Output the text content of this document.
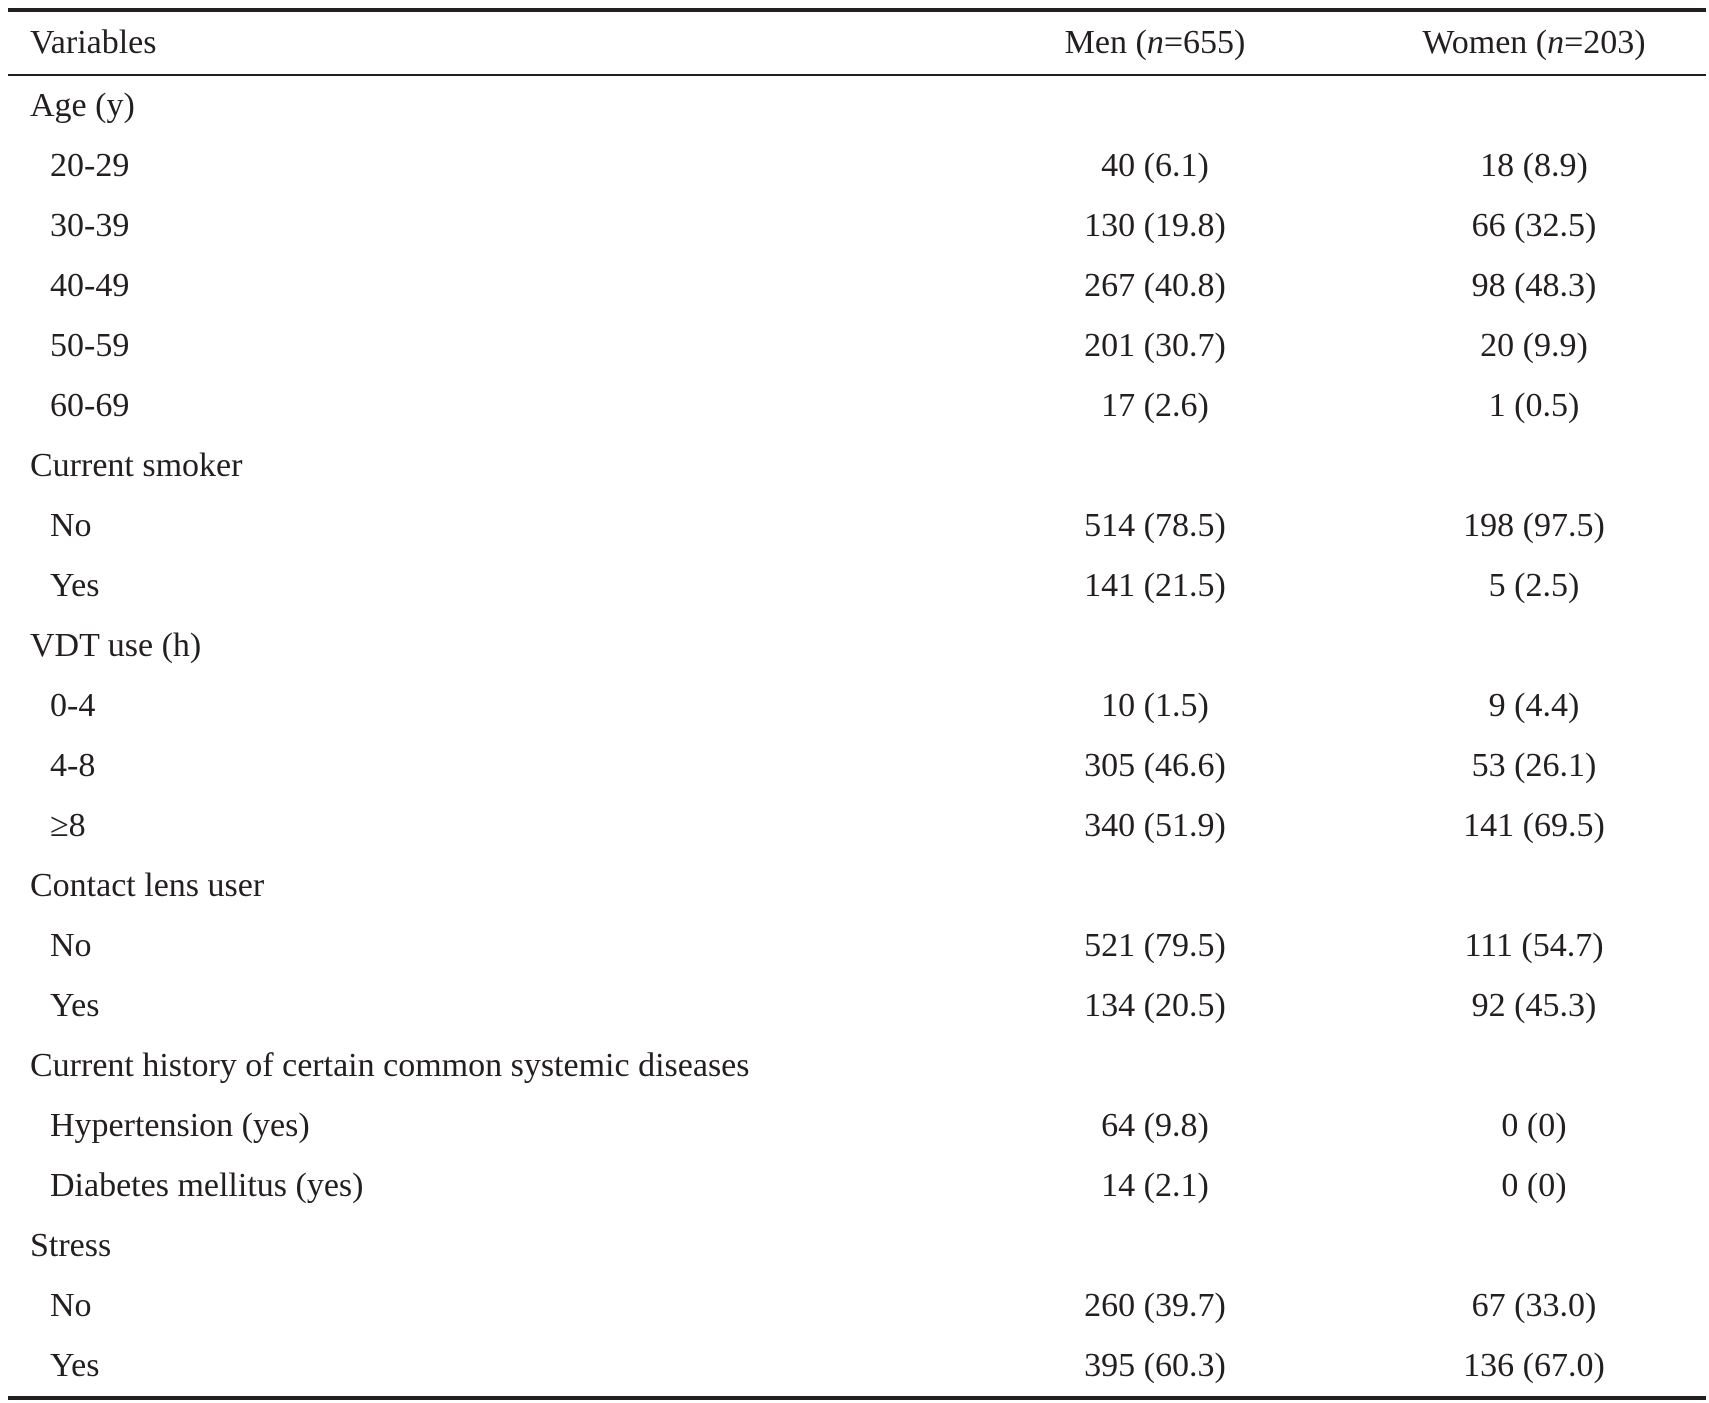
Variables	Men (n=655)	Women (n=203)
Age (y)		
20-29	40 (6.1)	18 (8.9)
30-39	130 (19.8)	66 (32.5)
40-49	267 (40.8)	98 (48.3)
50-59	201 (30.7)	20 (9.9)
60-69	17 (2.6)	1 (0.5)
Current smoker		
No	514 (78.5)	198 (97.5)
Yes	141 (21.5)	5 (2.5)
VDT use (h)		
0-4	10 (1.5)	9 (4.4)
4-8	305 (46.6)	53 (26.1)
≥8	340 (51.9)	141 (69.5)
Contact lens user		
No	521 (79.5)	111 (54.7)
Yes	134 (20.5)	92 (45.3)
Current history of certain common systemic diseases		
Hypertension (yes)	64 (9.8)	0 (0)
Diabetes mellitus (yes)	14 (2.1)	0 (0)
Stress		
No	260 (39.7)	67 (33.0)
Yes	395 (60.3)	136 (67.0)
